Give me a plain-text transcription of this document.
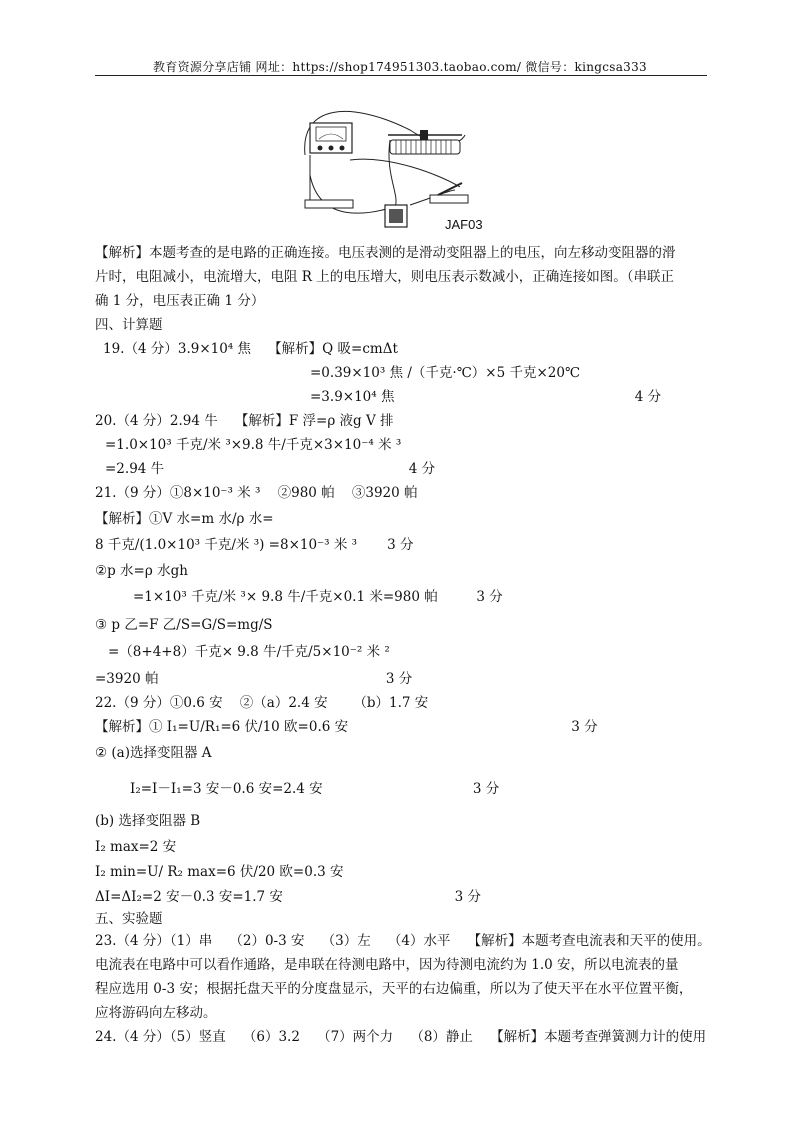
教育资源分享店铺 网址：https://shop174951303.taobao.com/ 微信号：kingcsa333
JAF03
【解析】本题考查的是电路的正确连接。电压表测的是滑动变阻器上的电压，向左移动变阻器的滑
片时，电阻减小，电流增大，电阻 R 上的电压增大，则电压表示数减小，正确连接如图。（串联正
确 1 分，电压表正确 1 分）
四、计算题
19.（4 分）3.9×10⁴ 焦    【解析】Q 吸=cmΔt
=0.39×10³ 焦 /（千克·℃）×5 千克×20℃
=3.9×10⁴ 焦                                                        4 分
20.（4 分）2.94 牛    【解析】F 浮=ρ 液g V 排
=1.0×10³ 千克/米 ³×9.8 牛/千克×3×10⁻⁴ 米 ³
=2.94 牛                                                         4 分
21.（9 分）①8×10⁻³ 米 ³    ②980 帕    ③3920 帕
【解析】①V 水=m 水/ρ 水=
8 千克/(1.0×10³ 千克/米 ³) =8×10⁻³ 米 ³       3 分
②p 水=ρ 水gh
=1×10³ 千克/米 ³× 9.8 牛/千克×0.1 米=980 帕         3 分
③ p 乙=F 乙/S=G/S=mg/S
=（8+4+8）千克× 9.8 牛/千克/5×10⁻² 米 ²
=3920 帕                                                     3 分
22.（9 分）①0.6 安    ②（a）2.4 安      （b）1.7 安
【解析】① I₁=U/R₁=6 伏/10 欧=0.6 安                                                    3 分
② (a)选择变阻器 A
I₂=I－I₁=3 安－0.6 安=2.4 安                                   3 分
(b) 选择变阻器 B
I₂ max=2 安
I₂ min=U/ R₂ max=6 伏/20 欧=0.3 安
ΔI=ΔI₂=2 安－0.3 安=1.7 安                                        3 分
五、实验题
23.（4 分）（1）串    （2）0-3 安    （3）左    （4）水平    【解析】本题考查电流表和天平的使用。
电流表在电路中可以看作通路，是串联在待测电路中，因为待测电流约为 1.0 安，所以电流表的量
程应选用 0-3 安；根据托盘天平的分度盘显示，天平的右边偏重，所以为了使天平在水平位置平衡，
应将游码向左移动。
24.（4 分）（5）竖直    （6）3.2    （7）两个力    （8）静止    【解析】本题考查弹簧测力计的使用
